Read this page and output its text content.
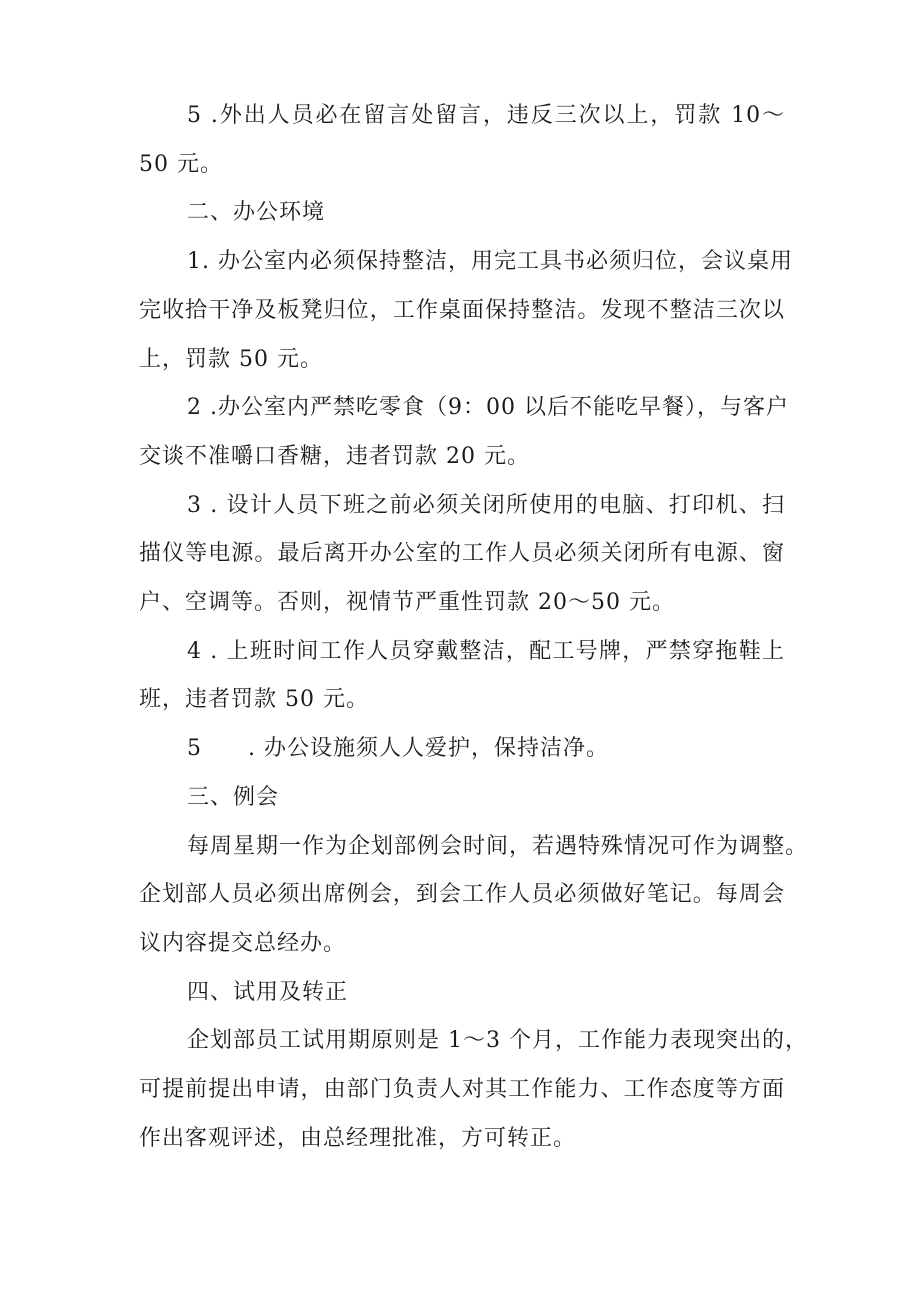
5 .外出人员必在留言处留言，违反三次以上，罚款 10～
50 元。

二、办公环境

1. 办公室内必须保持整洁，用完工具书必须归位，会议桌用
完收拾干净及板凳归位，工作桌面保持整洁。发现不整洁三次以
上，罚款 50 元。

2 .办公室内严禁吃零食（9：00 以后不能吃早餐），与客户
交谈不准嚼口香糖，违者罚款 20 元。

3 . 设计人员下班之前必须关闭所使用的电脑、打印机、扫
描仪等电源。最后离开办公室的工作人员必须关闭所有电源、窗
户、空调等。否则，视情节严重性罚款 20～50 元。

4 . 上班时间工作人员穿戴整洁，配工号牌，严禁穿拖鞋上
班，违者罚款 50 元。

5　　. 办公设施须人人爱护，保持洁净。

三、例会

每周星期一作为企划部例会时间，若遇特殊情况可作为调整。
企划部人员必须出席例会，到会工作人员必须做好笔记。每周会
议内容提交总经办。

四、试用及转正

企划部员工试用期原则是 1～3 个月，工作能力表现突出的，
可提前提出申请，由部门负责人对其工作能力、工作态度等方面
作出客观评述，由总经理批准，方可转正。
